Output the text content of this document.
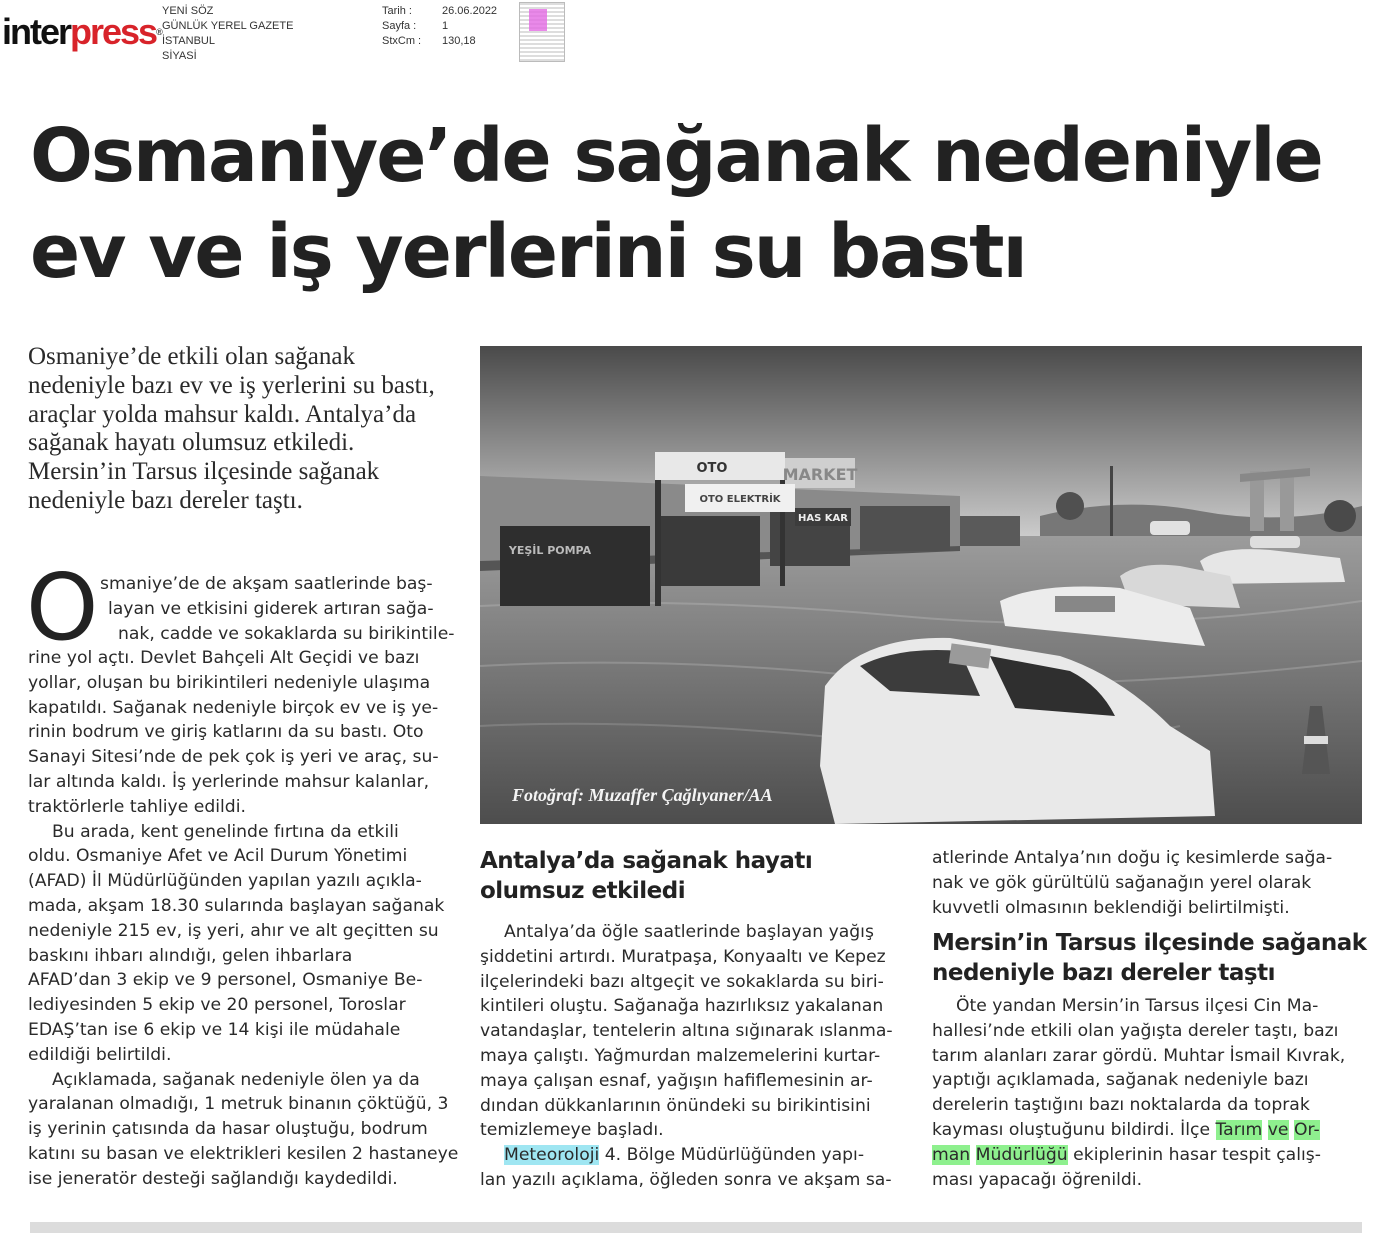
interpress®
YENİ SÖZ
GÜNLÜK YEREL GAZETE
İSTANBUL
SİYASİ
Tarih :
Sayfa :
StxCm :
26.06.2022
1
130,18
Osmaniye’de sağanak nedeniyle
ev ve iş yerlerini su bastı
Osmaniye’de etkili olan sağanak
nedeniyle bazı ev ve iş yerlerini su bastı,
araçlar yolda mahsur kaldı. Antalya’da
sağanak hayatı olumsuz etkiledi.
Mersin’in Tarsus ilçesinde sağanak
nedeniyle bazı dereler taştı.
O smaniye’de de akşam saatlerinde baş-
layan ve etkisini giderek artıran sağa-
nak, cadde ve sokaklarda su birikintile-
rine yol açtı. Devlet Bahçeli Alt Geçidi ve bazı
yollar, oluşan bu birikintileri nedeniyle ulaşıma
kapatıldı. Sağanak nedeniyle birçok ev ve iş ye-
rinin bodrum ve giriş katlarını da su bastı. Oto
Sanayi Sitesi’nde de pek çok iş yeri ve araç, su-
lar altında kaldı. İş yerlerinde mahsur kalanlar,
traktörlerle tahliye edildi.
Bu arada, kent genelinde fırtına da etkili
oldu. Osmaniye Afet ve Acil Durum Yönetimi
(AFAD) İl Müdürlüğünden yapılan yazılı açıkla-
mada, akşam 18.30 sularında başlayan sağanak
nedeniyle 215 ev, iş yeri, ahır ve alt geçitten su
baskını ihbarı alındığı, gelen ihbarlara
AFAD’dan 3 ekip ve 9 personel, Osmaniye Be-
lediyesinden 5 ekip ve 20 personel, Toroslar
EDAŞ’tan ise 6 ekip ve 14 kişi ile müdahale
edildiği belirtildi.
Açıklamada, sağanak nedeniyle ölen ya da
yaralanan olmadığı, 1 metruk binanın çöktüğü, 3
iş yerinin çatısında da hasar oluştuğu, bodrum
katını su basan ve elektrikleri kesilen 2 hastaneye
ise jeneratör desteği sağlandığı kaydedildi.
OTO	MARKET
OTO ELEKTRİK
HAS KAR
YEŞİL POMPA
Fotoğraf: Muzaffer Çağlıyaner/AA
Antalya’da sağanak hayatı
olumsuz etkiledi
Antalya’da öğle saatlerinde başlayan yağış
şiddetini artırdı. Muratpaşa, Konyaaltı ve Kepez
ilçelerindeki bazı altgeçit ve sokaklarda su biri-
kintileri oluştu. Sağanağa hazırlıksız yakalanan
vatandaşlar, tentelerin altına sığınarak ıslanma-
maya çalıştı. Yağmurdan malzemelerini kurtar-
maya çalışan esnaf, yağışın hafiflemesinin ar-
dından dükkanlarının önündeki su birikintisini
temizlemeye başladı.
Meteoroloji 4. Bölge Müdürlüğünden yapı-
lan yazılı açıklama, öğleden sonra ve akşam sa-
atlerinde Antalya’nın doğu iç kesimlerde sağa-
nak ve gök gürültülü sağanağın yerel olarak
kuvvetli olmasının beklendiği belirtilmişti.
Mersin’in Tarsus ilçesinde sağanak
nedeniyle bazı dereler taştı
Öte yandan Mersin’in Tarsus ilçesi Cin Ma-
hallesi’nde etkili olan yağışta dereler taştı, bazı
tarım alanları zarar gördü. Muhtar İsmail Kıvrak,
yaptığı açıklamada, sağanak nedeniyle bazı
derelerin taştığını bazı noktalarda da toprak
kayması oluştuğunu bildirdi. İlçe Tarım ve Or-
man Müdürlüğü ekiplerinin hasar tespit çalış-
ması yapacağı öğrenildi.
